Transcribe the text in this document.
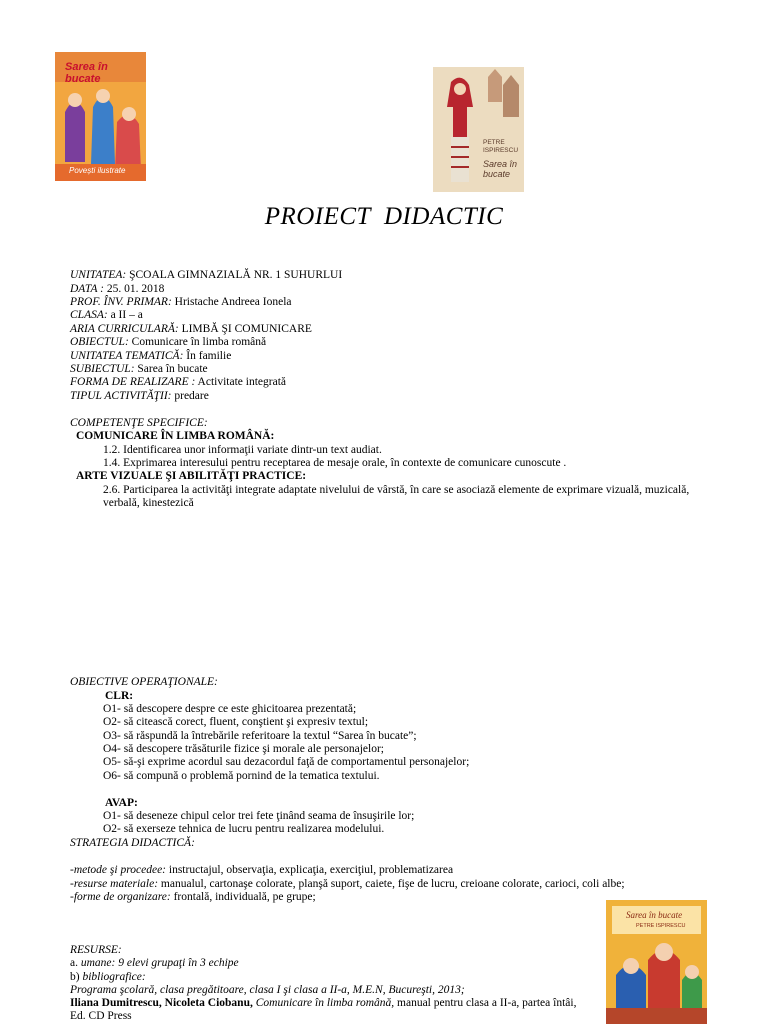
Sarea în bucate
Povești ilustrate
PETRE ISPIRESCU
Sarea în bucate
PROIECT  DIDACTIC
UNITATEA: ŞCOALA GIMNAZIALĂ NR. 1 SUHURLUI
DATA : 25. 01. 2018
PROF. ÎNV. PRIMAR: Hristache Andreea Ionela
CLASA: a II – a
ARIA CURRICULARĂ: LIMBĂ ŞI COMUNICARE
OBIECTUL: Comunicare în limba română
UNITATEA TEMATICĂ: În familie
SUBIECTUL: Sarea în bucate
FORMA DE REALIZARE : Activitate integrată
TIPUL ACTIVITĂŢII: predare
COMPETENŢE SPECIFICE:
COMUNICARE ÎN LIMBA ROMÂNĂ:
1.2. Identificarea unor informaţii variate dintr-un text audiat.
1.4. Exprimarea interesului pentru receptarea de mesaje orale, în contexte de comunicare cunoscute .
ARTE VIZUALE ŞI ABILITĂŢI PRACTICE:
2.6. Participarea la activităţi integrate adaptate nivelului de vârstă, în care se asociază elemente de exprimare vizuală, muzicală, verbală, kinestezică
OBIECTIVE OPERAŢIONALE:
CLR:
O1- să descopere despre ce este ghicitoarea prezentată;
O2- să citească corect, fluent, conştient şi expresiv textul;
O3- să răspundă la întrebările referitoare la textul “Sarea în bucate”;
O4- să descopere trăsăturile fizice şi morale ale personajelor;
O5- să-şi exprime acordul sau dezacordul faţă de comportamentul personajelor;
O6- să compună o problemă pornind de la tematica textului.
AVAP:
O1- să deseneze chipul celor trei fete ţinând seama de însuşirile lor;
O2- să exerseze tehnica de lucru pentru realizarea modelului.
STRATEGIA DIDACTICĂ:
-metode şi procedee: instructajul, observaţia, explicaţia, exerciţiul, problematizarea
-resurse materiale: manualul, cartonaşe colorate, planşă suport, caiete, fişe de lucru, creioane colorate, carioci, coli albe;
-forme de organizare: frontală, individuală, pe grupe;
RESURSE:
a. umane: 9 elevi grupaţi în 3 echipe
b) bibliografice:
Programa şcolară, clasa pregătitoare, clasa I şi clasa a II-a, M.E.N, Bucureşti, 2013;
Iliana Dumitrescu, Nicoleta Ciobanu, Comunicare în limba română, manual pentru clasa a II-a, partea întâi,
Ed. CD Press
Sarea în bucate
PETRE ISPIRESCU
